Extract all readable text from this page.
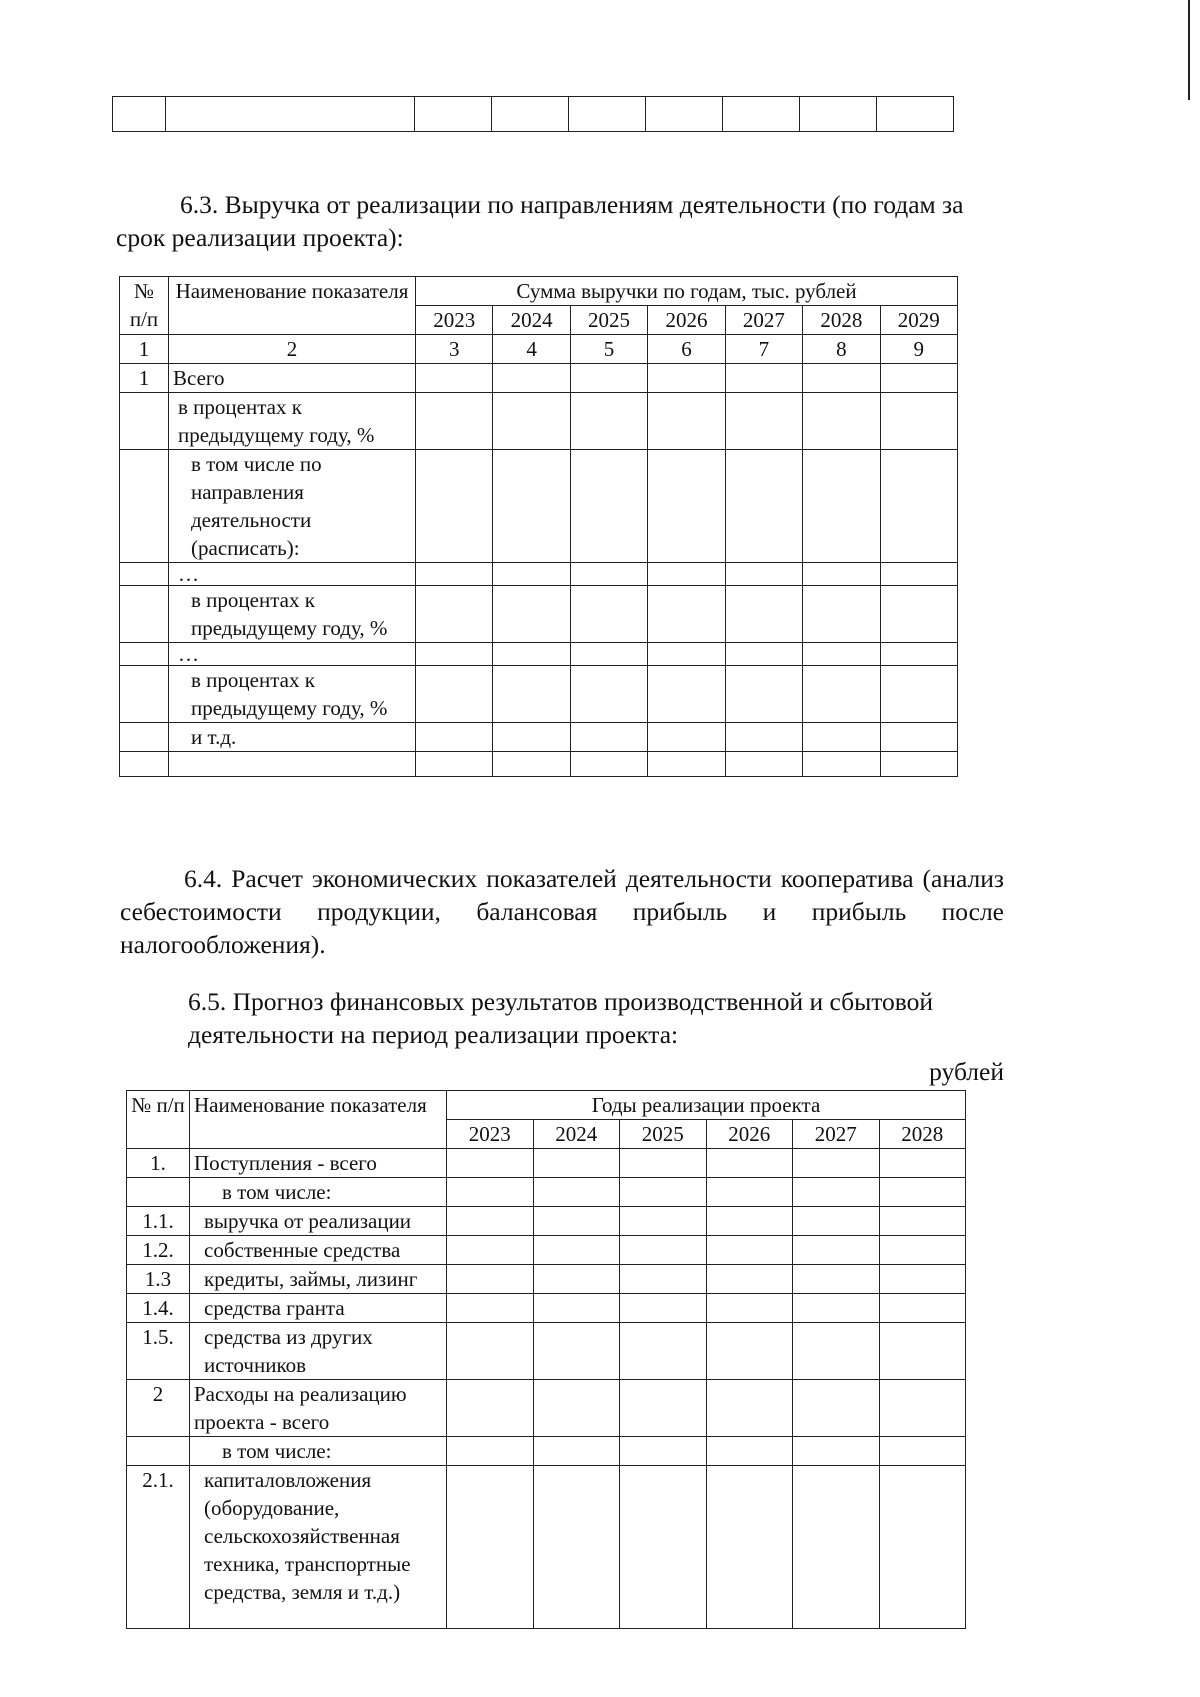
6.3. Выручка от реализации по направлениям деятельности (по годам за срок реализации проекта):

№ п/п	Наименование показателя	Сумма выручки по годам, тыс. рублей						
		2023	2024	2025	2026	2027	2028	2029
1	2	3	4	5	6	7	8	9
1	Всего							
	в процентах к предыдущему году, %							
	в том числе по направления деятельности (расписать):							
	…							
	в процентах к предыдущему году, %							
	…							
	в процентах к предыдущему году, %							
	и т.д.							

6.4. Расчет экономических показателей деятельности кооператива (анализ себестоимости продукции, балансовая прибыль и прибыль после налогообложения).

6.5. Прогноз финансовых результатов производственной и сбытовой деятельности на период реализации проекта:

рублей
№ п/п	Наименование показателя	Годы реализации проекта					
		2023	2024	2025	2026	2027	2028
1.	Поступления - всего						
	в том числе:						
1.1.	выручка от реализации						
1.2.	собственные средства						
1.3	кредиты, займы, лизинг						
1.4.	средства гранта						
1.5.	средства из других источников						
2	Расходы на реализацию проекта - всего						
	в том числе:						
2.1.	капиталовложения (оборудование, сельскохозяйственная техника, транспортные средства, земля и т.д.)						
